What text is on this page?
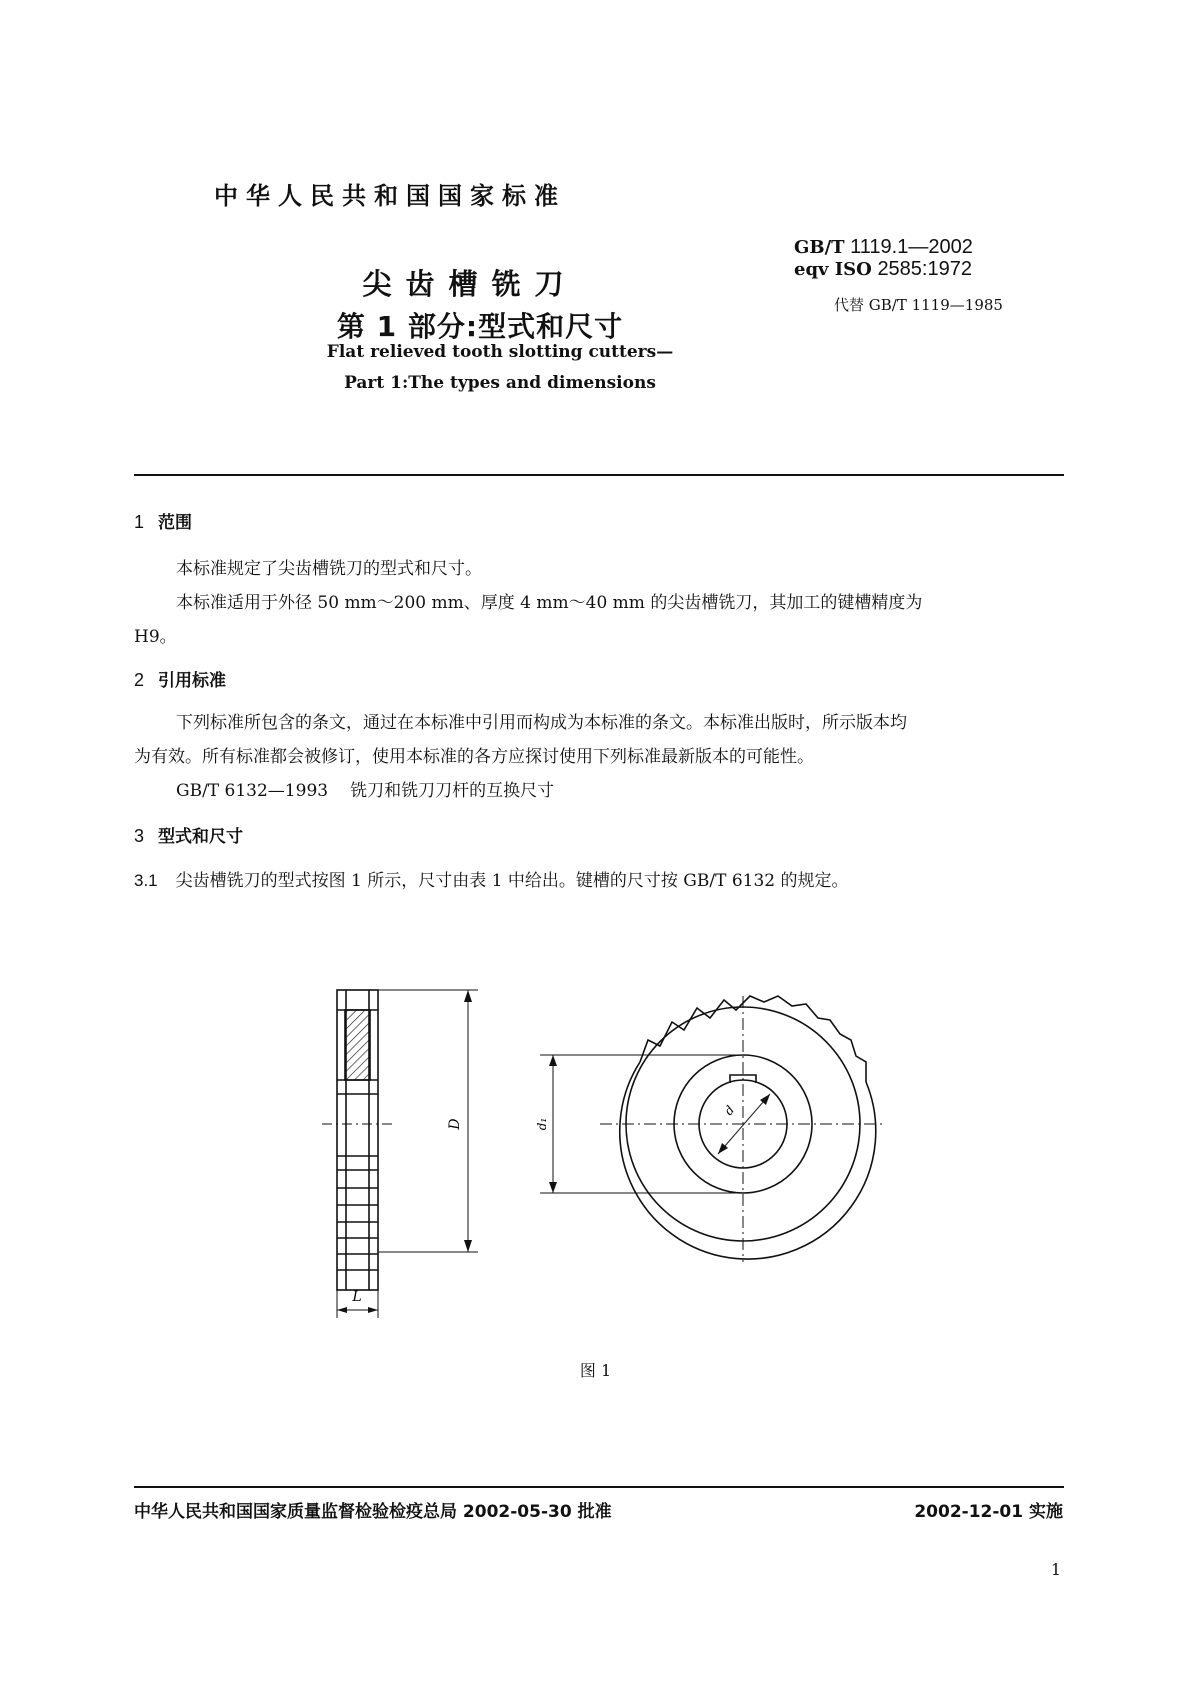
中华人民共和国国家标准
尖齿槽铣刀
第 1 部分:型式和尺寸
Flat relieved tooth slotting cutters—
Part 1:The types and dimensions
GB/T 1119.1—2002
eqv ISO 2585:1972
代替 GB/T 1119—1985
1 范围
本标准规定了尖齿槽铣刀的型式和尺寸。
本标准适用于外径 50 mm～200 mm、厚度 4 mm～40 mm 的尖齿槽铣刀，其加工的键槽精度为
H9。
2 引用标准
下列标准所包含的条文，通过在本标准中引用而构成为本标准的条文。本标准出版时，所示版本均
为有效。所有标准都会被修订，使用本标准的各方应探讨使用下列标准最新版本的可能性。
GB/T 6132—1993 铣刀和铣刀刀杆的互换尺寸
3 型式和尺寸
3.1 尖齿槽铣刀的型式按图 1 所示，尺寸由表 1 中给出。键槽的尺寸按 GB/T 6132 的规定。
D
L
d
d₁
图 1
中华人民共和国国家质量监督检验检疫总局 2002-05-30 批准	2002-12-01 实施
1
